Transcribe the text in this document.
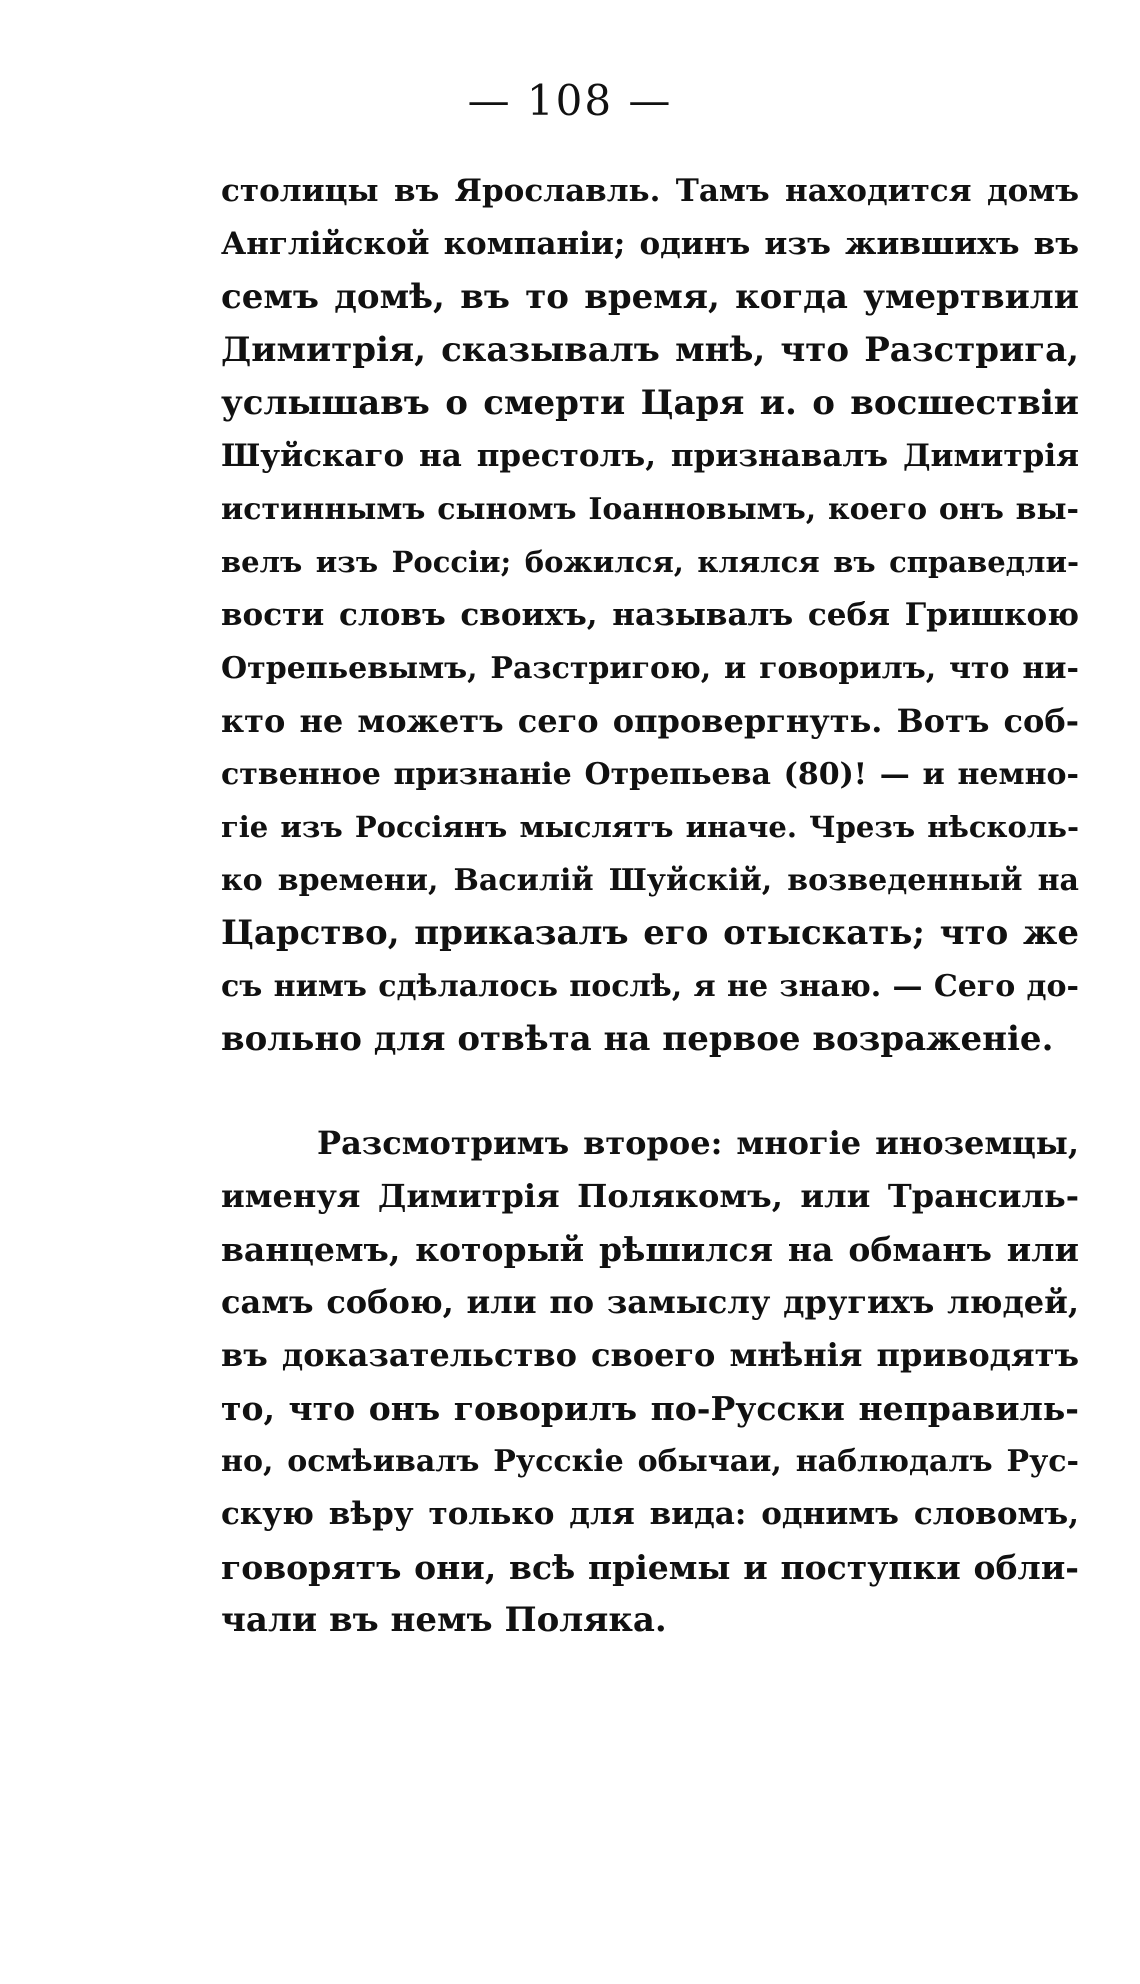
— 108 —
столицы въ Ярославль. Тамъ находится домъ
Англійской компаніи; одинъ изъ жившихъ въ
семъ домѣ, въ то время, когда умертвили
Димитрія, сказывалъ мнѣ, что Разстрига,
услышавъ о смерти Царя и. о восшествіи
Шуйскаго на престолъ, признавалъ Димитрія
истиннымъ сыномъ Іоанновымъ, коего онъ вы-
велъ изъ Россіи; божился, клялся въ справедли-
вости словъ своихъ, называлъ себя Гришкою
Отрепьевымъ, Разстригою, и говорилъ, что ни-
кто не можетъ сего опровергнуть. Вотъ соб-
ственное признаніе Отрепьева (80)! — и немно-
гіе изъ Россіянъ мыслятъ иначе. Чрезъ нѣсколь-
ко времени, Василій Шуйскій, возведенный на
Царство, приказалъ его отыскать; что же
съ нимъ сдѣлалось послѣ, я не знаю. — Сего до-
вольно для отвѣта на первое возраженіе.
Разсмотримъ второе: многіе иноземцы,
именуя Димитрія Полякомъ, или Трансиль-
ванцемъ, который рѣшился на обманъ или
самъ собою, или по замыслу другихъ людей,
въ доказательство своего мнѣнія приводятъ
то, что онъ говорилъ по-Русски неправиль-
но, осмѣивалъ Русскіе обычаи, наблюдалъ Рус-
скую вѣру только для вида: однимъ словомъ,
говорятъ они, всѣ пріемы и поступки обли-
чали въ немъ Поляка.
